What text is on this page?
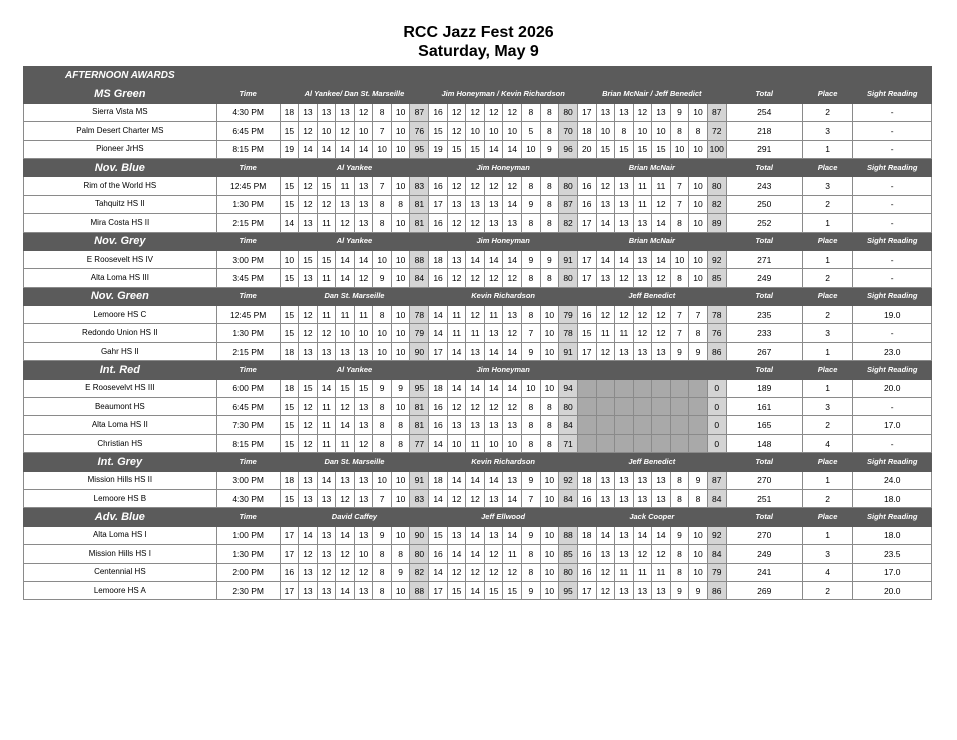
RCC Jazz Fest 2026
Saturday, May 9
AFTERNOON AWARDS																												
MS Green	Time	Al Yankee/ Dan St. Marseille								Jim Honeyman / Kevin Richardson								Brian McNair / Jeff Benedict								Total	Place	Sight Reading
Sierra Vista MS	4:30 PM	18	13	13	13	12	8	10	87	16	12	12	12	12	8	8	80	17	13	13	12	13	9	10	87	254	2	-
Palm Desert Charter MS	6:45 PM	15	12	10	12	10	7	10	76	15	12	10	10	10	5	8	70	18	10	8	10	10	8	8	72	218	3	-
Pioneer JrHS	8:15 PM	19	14	14	14	14	10	10	95	19	15	15	14	14	10	9	96	20	15	15	15	15	10	10	100	291	1	-
Nov. Blue	Time	Al Yankee								Jim Honeyman								Brian McNair								Total	Place	Sight Reading
Rim of the World HS	12:45 PM	15	12	15	11	13	7	10	83	16	12	12	12	12	8	8	80	16	12	13	11	11	7	10	80	243	3	-
Tahquitz HS II	1:30 PM	15	12	12	13	13	8	8	81	17	13	13	13	14	9	8	87	16	13	13	11	12	7	10	82	250	2	-
Mira Costa HS II	2:15 PM	14	13	11	12	13	8	10	81	16	12	12	13	13	8	8	82	17	14	13	13	14	8	10	89	252	1	-
Nov. Grey	Time	Al Yankee								Jim Honeyman								Brian McNair								Total	Place	Sight Reading
E Roosevelt HS IV	3:00 PM	10	15	15	14	14	10	10	88	18	13	14	14	14	9	9	91	17	14	14	13	14	10	10	92	271	1	-
Alta Loma HS III	3:45 PM	15	13	11	14	12	9	10	84	16	12	12	12	12	8	8	80	17	13	12	13	12	8	10	85	249	2	-
Nov. Green	Time	Dan St. Marseille								Kevin Richardson								Jeff Benedict								Total	Place	Sight Reading
Lemoore HS C	12:45 PM	15	12	11	11	11	8	10	78	14	11	12	11	13	8	10	79	16	12	12	12	12	7	7	78	235	2	19.0
Redondo Union HS II	1:30 PM	15	12	12	10	10	10	10	79	14	11	11	13	12	7	10	78	15	11	11	12	12	7	8	76	233	3	-
Gahr HS II	2:15 PM	18	13	13	13	13	10	10	90	17	14	13	14	14	9	10	91	17	12	13	13	13	9	9	86	267	1	23.0
Int. Red	Time	Al Yankee								Jim Honeyman																Total	Place	Sight Reading
E Roosevelvt HS III	6:00 PM	18	15	14	15	15	9	9	95	18	14	14	14	14	10	10	94								0	189	1	20.0
Beaumont HS	6:45 PM	15	12	11	12	13	8	10	81	16	12	12	12	12	8	8	80								0	161	3	-
Alta Loma HS II	7:30 PM	15	12	11	14	13	8	8	81	16	13	13	13	13	8	8	84								0	165	2	17.0
Christian HS	8:15 PM	15	12	11	11	12	8	8	77	14	10	11	10	10	8	8	71								0	148	4	-
Int. Grey	Time	Dan St. Marseille								Kevin Richardson								Jeff Benedict								Total	Place	Sight Reading
Mission Hills HS II	3:00 PM	18	13	14	13	13	10	10	91	18	14	14	14	13	9	10	92	18	13	13	13	13	8	9	87	270	1	24.0
Lemoore HS B	4:30 PM	15	13	13	12	13	7	10	83	14	12	12	13	14	7	10	84	16	13	13	13	13	8	8	84	251	2	18.0
Adv. Blue	Time	David Caffey								Jeff Ellwood								Jack Cooper								Total	Place	Sight Reading
Alta Loma HS I	1:00 PM	17	14	13	14	13	9	10	90	15	13	14	13	14	9	10	88	18	14	13	14	14	9	10	92	270	1	18.0
Mission Hills HS I	1:30 PM	17	12	13	12	10	8	8	80	16	14	14	12	11	8	10	85	16	13	13	12	12	8	10	84	249	3	23.5
Centennial HS	2:00 PM	16	13	12	12	12	8	9	82	14	12	12	12	12	8	10	80	16	12	11	11	11	8	10	79	241	4	17.0
Lemoore HS A	2:30 PM	17	13	13	14	13	8	10	88	17	15	14	15	15	9	10	95	17	12	13	13	13	9	9	86	269	2	20.0
